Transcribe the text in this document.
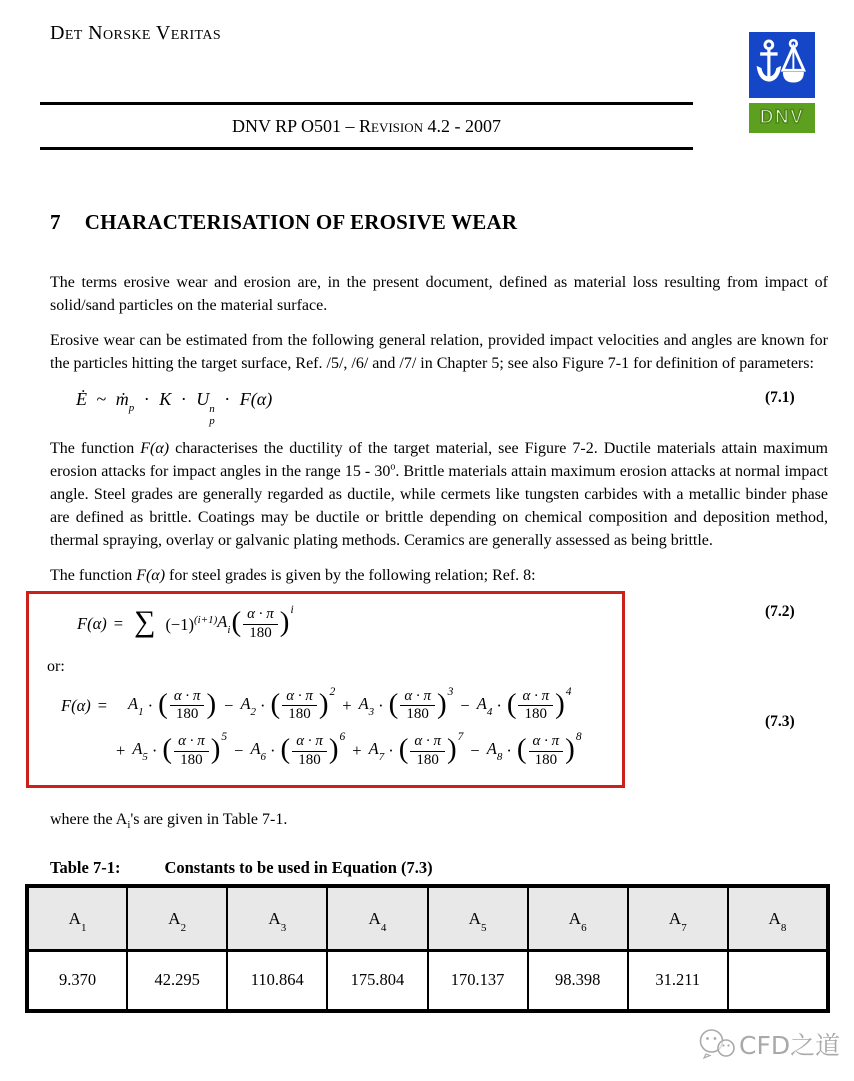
Det Norske Veritas
DNV
DNV RP O501 – Revision 4.2 - 2007
7 CHARACTERISATION OF EROSIVE WEAR

The terms erosive wear and erosion are, in the present document, defined as material loss resulting from impact of solid/sand particles on the material surface.

Erosive wear can be estimated from the following general relation, provided impact velocities and angles are known for the particles hitting the target surface, Ref. /5/, /6/ and /7/ in Chapter 5; see also Figure 7-1 for definition of parameters:

Ė ~ ṁ$_p$ · K · U n
p
· F(α)	(7.1)

The function F(α) characterises the ductility of the target material, see Figure 7-2. Ductile materials attain maximum erosion attacks for impact angles in the range 15 - 30$^o$. Brittle materials attain maximum erosion attacks at normal impact angle. Steel grades are generally regarded as ductile, while cermets like tungsten carbides with a metallic binder phase are defined as brittle. Coatings may be ductile or brittle depending on chemical composition and deposition method, thermal spraying, overlay or galvanic plating methods. Ceramics are generally assessed as being brittle.

The function F(α) for steel grades is given by the following relation; Ref. 8:

F(α) = ∑ $(-1)^{(i+1)}$ $A_i$ ( $\frac{\alpha \cdot \pi}{180}$ ) i
or:
$F(\alpha) = A_1$ · ( $\frac{\alpha \cdot \pi}{180}$ ) − $A_2$ · ( $\frac{\alpha \cdot \pi}{180}$ ) 2
+ $A_3$ · ( $\frac{\alpha \cdot \pi}{180}$ ) 3
− $A_4$ · ( $\frac{\alpha \cdot \pi}{180}$ ) 4
+ $A_5$ · ( $\frac{\alpha \cdot \pi}{180}$ ) 5
− $A_6$ · ( $\frac{\alpha \cdot \pi}{180}$ ) 6
+ $A_7$ · ( $\frac{\alpha \cdot \pi}{180}$ ) 7
− $A_8$ · ( $\frac{\alpha \cdot \pi}{180}$ ) 8
(7.2)
(7.3)

where the $A_i's$ are given in Table 7-1.

Table 7-1:	Constants to be used in Equation (7.3)
$A_1$	$A_2$	$A_3$	$A_4$	$A_5$	$A_6$	$A_7$	$A_8$
9.370	42.295	110.864	175.804	170.137	98.398	31.211	
CFD之道
